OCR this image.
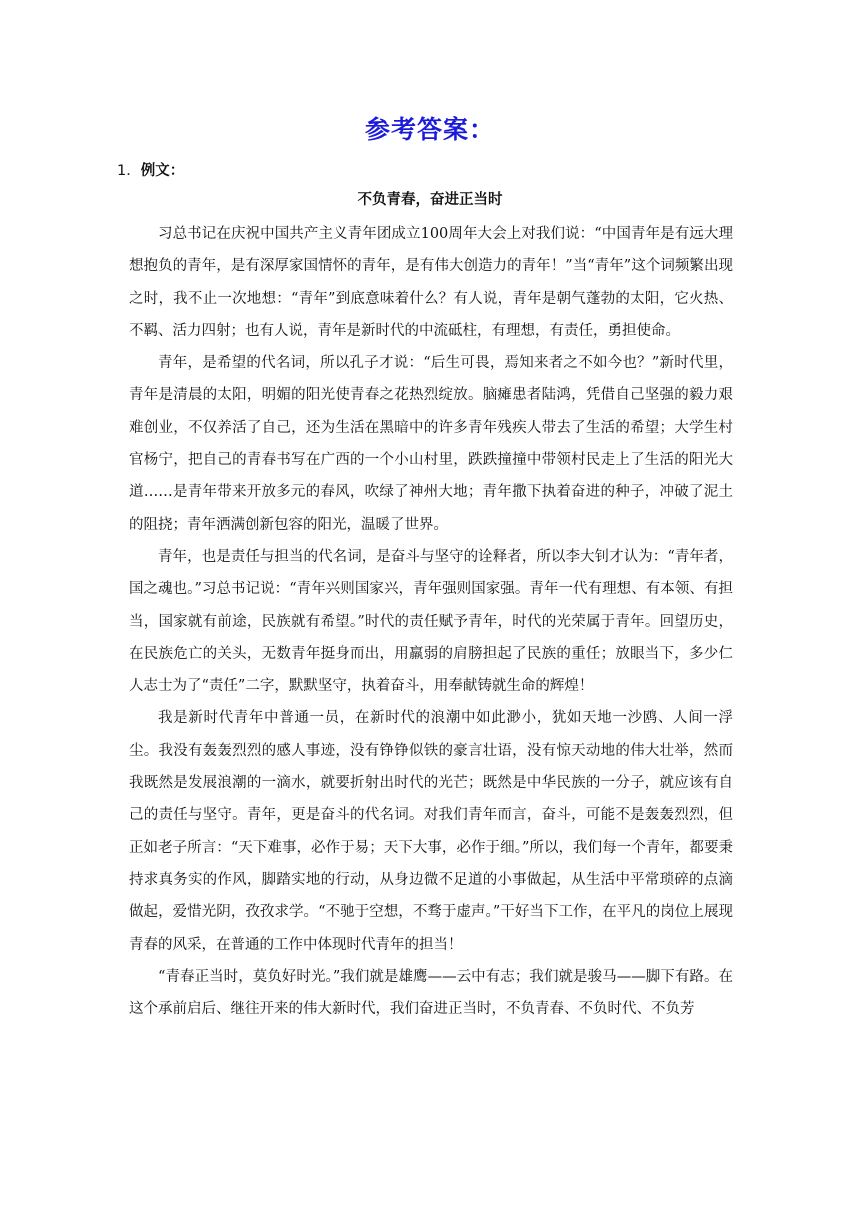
参考答案：
1．例文：
不负青春，奋进正当时

习总书记在庆祝中国共产主义青年团成立100周年大会上对我们说：“中国青年是有远大理想抱负的青年，是有深厚家国情怀的青年，是有伟大创造力的青年！”当“青年”这个词频繁出现之时，我不止一次地想：“青年”到底意味着什么？有人说，青年是朝气蓬勃的太阳，它火热、不羁、活力四射；也有人说，青年是新时代的中流砥柱，有理想，有责任，勇担使命。

青年，是希望的代名词，所以孔子才说：“后生可畏，焉知来者之不如今也？”新时代里，青年是清晨的太阳，明媚的阳光使青春之花热烈绽放。脑瘫患者陆鸿，凭借自己坚强的毅力艰难创业，不仅养活了自己，还为生活在黑暗中的许多青年残疾人带去了生活的希望；大学生村官杨宁，把自己的青春书写在广西的一个小山村里，跌跌撞撞中带领村民走上了生活的阳光大道……是青年带来开放多元的春风，吹绿了神州大地；青年撒下执着奋进的种子，冲破了泥土的阻挠；青年洒满创新包容的阳光，温暖了世界。

青年，也是责任与担当的代名词，是奋斗与坚守的诠释者，所以李大钊才认为：“青年者，国之魂也。”习总书记说：“青年兴则国家兴，青年强则国家强。青年一代有理想、有本领、有担当，国家就有前途，民族就有希望。”时代的责任赋予青年，时代的光荣属于青年。回望历史，在民族危亡的关头，无数青年挺身而出，用羸弱的肩膀担起了民族的重任；放眼当下，多少仁人志士为了“责任”二字，默默坚守，执着奋斗，用奉献铸就生命的辉煌！

我是新时代青年中普通一员，在新时代的浪潮中如此渺小，犹如天地一沙鸥、人间一浮尘。我没有轰轰烈烈的感人事迹，没有铮铮似铁的豪言壮语，没有惊天动地的伟大壮举，然而我既然是发展浪潮的一滴水，就要折射出时代的光芒；既然是中华民族的一分子，就应该有自己的责任与坚守。青年，更是奋斗的代名词。对我们青年而言，奋斗，可能不是轰轰烈烈，但正如老子所言：“天下难事，必作于易；天下大事，必作于细。”所以，我们每一个青年，都要秉持求真务实的作风，脚踏实地的行动，从身边微不足道的小事做起，从生活中平常琐碎的点滴做起，爱惜光阴，孜孜求学。“不驰于空想，不骛于虚声。”干好当下工作，在平凡的岗位上展现青春的风采，在普通的工作中体现时代青年的担当！

“青春正当时，莫负好时光。”我们就是雄鹰——云中有志；我们就是骏马——脚下有路。在这个承前启后、继往开来的伟大新时代，我们奋进正当时，不负青春、不负时代、不负芳
